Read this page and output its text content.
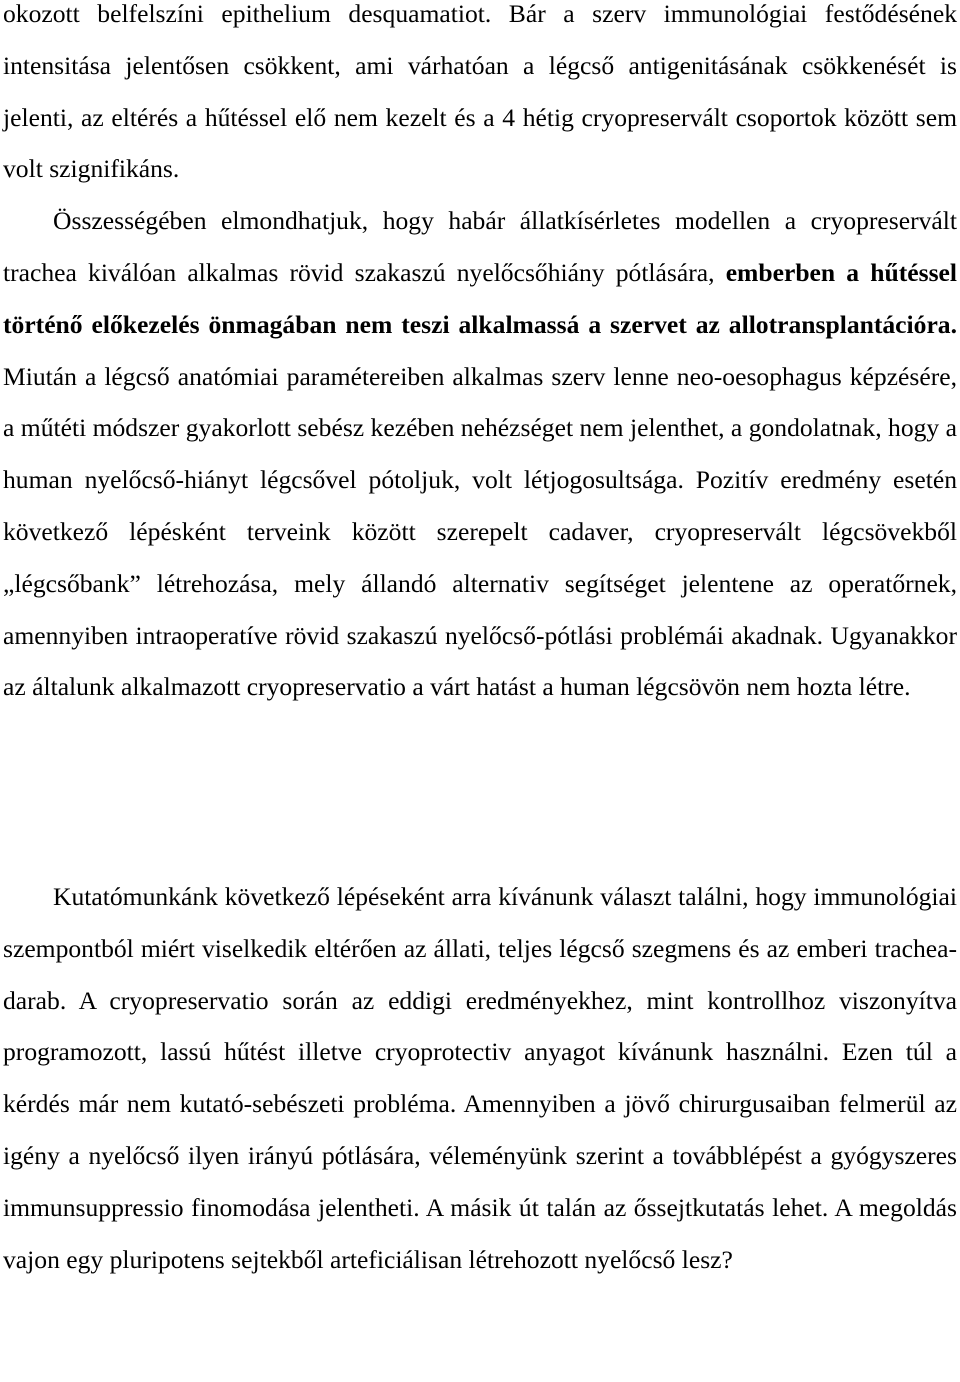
okozott belfelszíni epithelium desquamatiot. Bár a szerv immunológiai festődésének intensitása jelentősen csökkent, ami várhatóan a légcső antigenitásának csökkenését is jelenti, az eltérés a hűtéssel elő nem kezelt és a 4 hétig cryopreservált csoportok között sem volt szignifikáns.
Összességében elmondhatjuk, hogy habár állatkísérletes modellen a cryopreservált trachea kiválóan alkalmas rövid szakaszú nyelőcsőhiány pótlására, emberben a hűtéssel történő előkezelés önmagában nem teszi alkalmassá a szervet az allotransplantációra. Miután a légcső anatómiai paramétereiben alkalmas szerv lenne neo-oesophagus képzésére, a műtéti módszer gyakorlott sebész kezében nehézséget nem jelenthet, a gondolatnak, hogy a human nyelőcső-hiányt légcsővel pótoljuk, volt létjogosultsága. Pozitív eredmény esetén következő lépésként terveink között szerepelt cadaver, cryopreservált légcsövekből „légcsőbank” létrehozása, mely állandó alternativ segítséget jelentene az operatőrnek, amennyiben intraoperatíve rövid szakaszú nyelőcső-pótlási problémái akadnak. Ugyanakkor az általunk alkalmazott cryopreservatio a várt hatást a human légcsövön nem hozta létre.

Kutatómunkánk következő lépéseként arra kívánunk választ találni, hogy immunológiai szempontból miért viselkedik eltérően az állati, teljes légcső szegmens és az emberi trachea-darab. A cryopreservatio során az eddigi eredményekhez, mint kontrollhoz viszonyítva programozott, lassú hűtést illetve cryoprotectiv anyagot kívánunk használni. Ezen túl a kérdés már nem kutató-sebészeti probléma. Amennyiben a jövő chirurgusaiban felmerül az igény a nyelőcső ilyen irányú pótlására, véleményünk szerint a továbblépést a gyógyszeres immunsuppressio finomodása jelentheti. A másik út talán az őssejtkutatás lehet. A megoldás vajon egy pluripotens sejtekből arteficiálisan létrehozott nyelőcső lesz?
